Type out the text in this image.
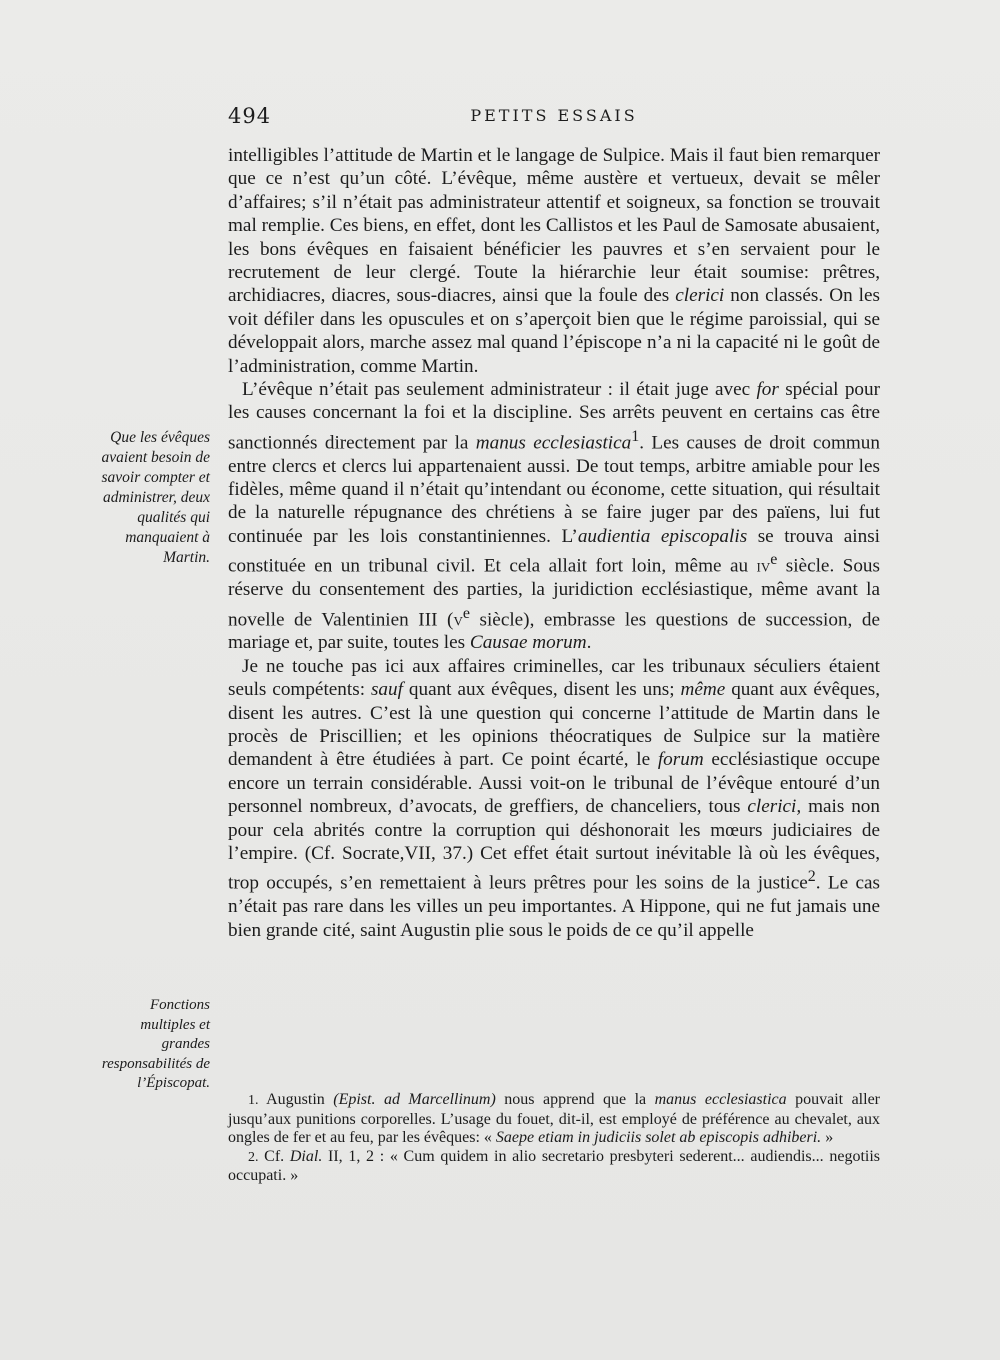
494	PETITS ESSAIS
Que les évêques avaient besoin de savoir compter et administrer, deux qualités qui manquaient à Martin.
Fonctions multiples et grandes responsabilités de l’Épiscopat.

intelligibles l’attitude de Martin et le langage de Sulpice. Mais il faut bien remarquer que ce n’est qu’un côté. L’évêque, même austère et vertueux, devait se mêler d’affaires; s’il n’était pas administrateur attentif et soigneux, sa fonction se trouvait mal remplie. Ces biens, en effet, dont les Callistos et les Paul de Samosate abusaient, les bons évêques en faisaient bénéficier les pauvres et s’en servaient pour le recrutement de leur clergé. Toute la hiérarchie leur était soumise: prêtres, archidiacres, diacres, sous-diacres, ainsi que la foule des clerici non classés. On les voit défiler dans les opuscules et on s’aperçoit bien que le régime paroissial, qui se développait alors, marche assez mal quand l’épiscope n’a ni la capacité ni le goût de l’administration, comme Martin.

L’évêque n’était pas seulement administrateur : il était juge avec for spécial pour les causes concernant la foi et la discipline. Ses arrêts peuvent en certains cas être sanctionnés directement par la manus ecclesiastica$^1$. Les causes de droit commun entre clercs et clercs lui appartenaient aussi. De tout temps, arbitre amiable pour les fidèles, même quand il n’était qu’intendant ou économe, cette situation, qui résultait de la naturelle répugnance des chrétiens à se faire juger par des païens, lui fut continuée par les lois constantiniennes. L’audientia episcopalis se trouva ainsi constituée en un tribunal civil. Et cela allait fort loin, même au $iv^e$ siècle. Sous réserve du consentement des parties, la juridiction ecclésiastique, même avant la novelle de Valentinien III ($v^e$ siècle), embrasse les questions de succession, de mariage et, par suite, toutes les Causae morum.

Je ne touche pas ici aux affaires criminelles, car les tribunaux séculiers étaient seuls compétents: sauf quant aux évêques, disent les uns; même quant aux évêques, disent les autres. C’est là une question qui concerne l’attitude de Martin dans le procès de Priscillien; et les opinions théocratiques de Sulpice sur la matière demandent à être étudiées à part. Ce point écarté, le forum ecclésiastique occupe encore un terrain considérable. Aussi voit-on le tribunal de l’évêque entouré d’un personnel nombreux, d’avocats, de greffiers, de chanceliers, tous clerici, mais non pour cela abrités contre la corruption qui déshonorait les mœurs judiciaires de l’empire. (Cf. Socrate,VII, 37.) Cet effet était surtout inévitable là où les évêques, trop occupés, s’en remettaient à leurs prêtres pour les soins de la justice$^2$. Le cas n’était pas rare dans les villes un peu importantes. A Hippone, qui ne fut jamais une bien grande cité, saint Augustin plie sous le poids de ce qu’il appelle

1. Augustin (Epist. ad Marcellinum) nous apprend que la manus ecclesiastica pouvait aller jusqu’aux punitions corporelles. L’usage du fouet, dit-il, est employé de préférence au chevalet, aux ongles de fer et au feu, par les évêques: « Saepe etiam in judiciis solet ab episcopis adhiberi. »

2. Cf. Dial. II, 1, 2 : « Cum quidem in alio secretario presbyteri sederent... audiendis... negotiis occupati. »
